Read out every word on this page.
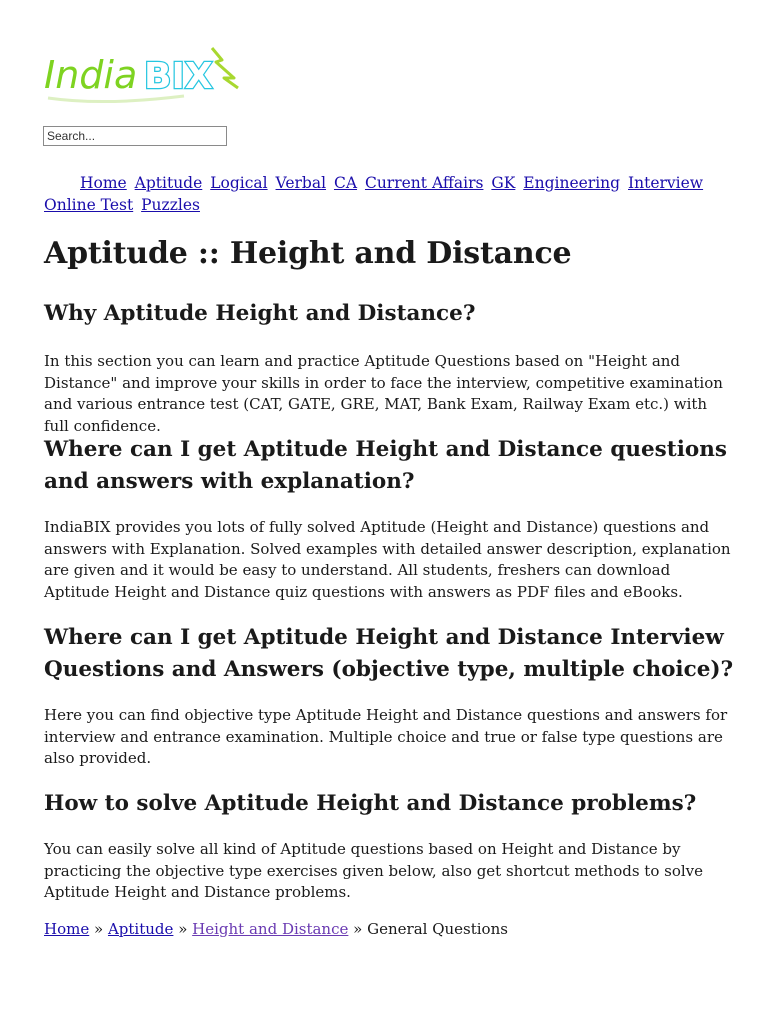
India BIX
Search...
Home Aptitude Logical Verbal CA Current Affairs GK Engineering Interview Online Test Puzzles
Aptitude :: Height and Distance
Why Aptitude Height and Distance?

In this section you can learn and practice Aptitude Questions based on "Height and Distance" and improve your skills in order to face the interview, competitive examination and various entrance test (CAT, GATE, GRE, MAT, Bank Exam, Railway Exam etc.) with full confidence.

Where can I get Aptitude Height and Distance questions and answers with explanation?

IndiaBIX provides you lots of fully solved Aptitude (Height and Distance) questions and answers with Explanation. Solved examples with detailed answer description, explanation are given and it would be easy to understand. All students, freshers can download Aptitude Height and Distance quiz questions with answers as PDF files and eBooks.

Where can I get Aptitude Height and Distance Interview Questions and Answers (objective type, multiple choice)?

Here you can find objective type Aptitude Height and Distance questions and answers for interview and entrance examination. Multiple choice and true or false type questions are also provided.

How to solve Aptitude Height and Distance problems?

You can easily solve all kind of Aptitude questions based on Height and Distance by practicing the objective type exercises given below, also get shortcut methods to solve Aptitude Height and Distance problems.

Home » Aptitude » Height and Distance » General Questions
